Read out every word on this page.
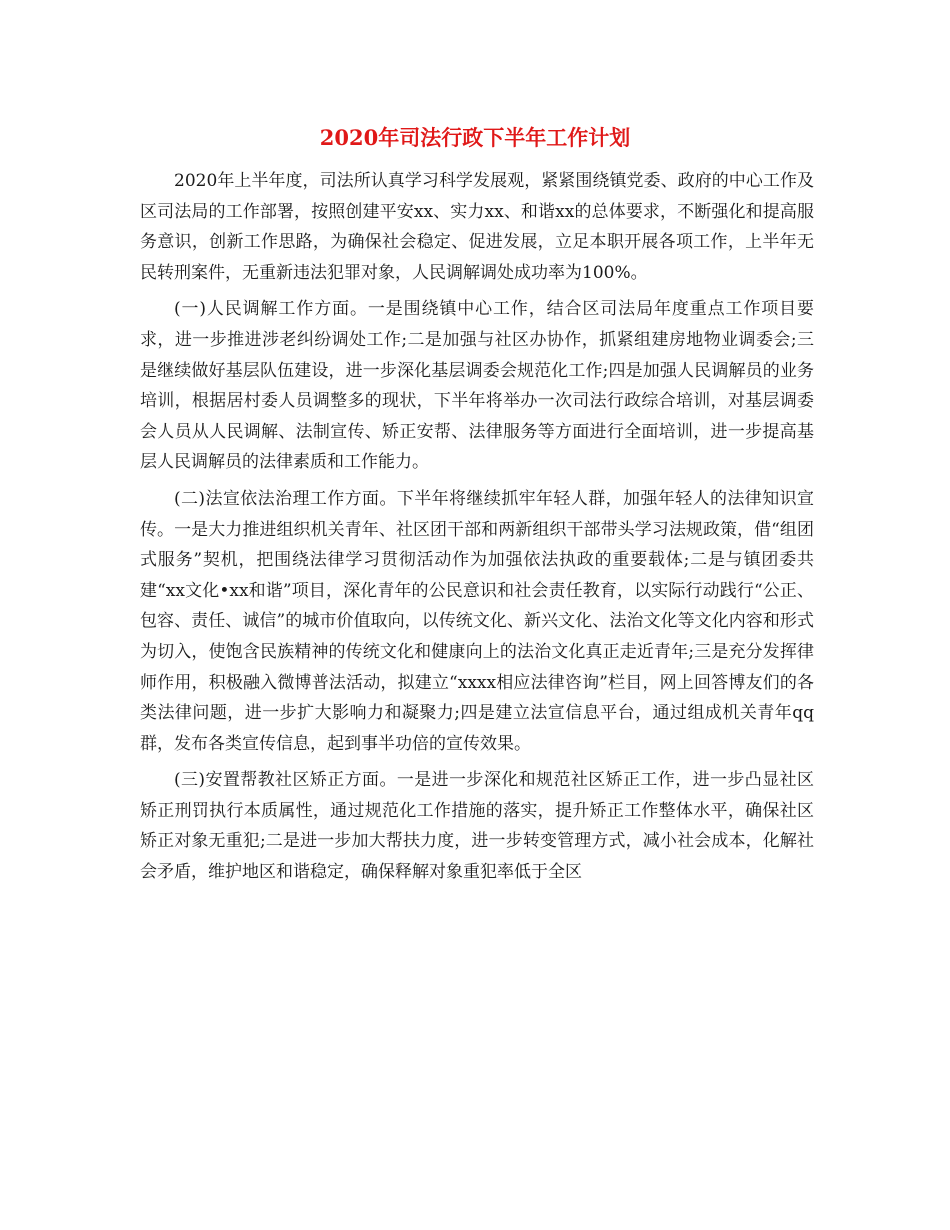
2020年司法行政下半年工作计划

2020年上半年度，司法所认真学习科学发展观，紧紧围绕镇党委、政府的中心工作及区司法局的工作部署，按照创建平安xx、实力xx、和谐xx的总体要求，不断强化和提高服务意识，创新工作思路，为确保社会稳定、促进发展，立足本职开展各项工作，上半年无民转刑案件，无重新违法犯罪对象，人民调解调处成功率为100%。

(一)人民调解工作方面。一是围绕镇中心工作，结合区司法局年度重点工作项目要求，进一步推进涉老纠纷调处工作;二是加强与社区办协作，抓紧组建房地物业调委会;三是继续做好基层队伍建设，进一步深化基层调委会规范化工作;四是加强人民调解员的业务培训，根据居村委人员调整多的现状，下半年将举办一次司法行政综合培训，对基层调委会人员从人民调解、法制宣传、矫正安帮、法律服务等方面进行全面培训，进一步提高基层人民调解员的法律素质和工作能力。

(二)法宣依法治理工作方面。下半年将继续抓牢年轻人群，加强年轻人的法律知识宣传。一是大力推进组织机关青年、社区团干部和两新组织干部带头学习法规政策，借“组团式服务”契机，把围绕法律学习贯彻活动作为加强依法执政的重要载体;二是与镇团委共建“xx文化•xx和谐”项目，深化青年的公民意识和社会责任教育，以实际行动践行“公正、包容、责任、诚信”的城市价值取向，以传统文化、新兴文化、法治文化等文化内容和形式为切入，使饱含民族精神的传统文化和健康向上的法治文化真正走近青年;三是充分发挥律师作用，积极融入微博普法活动，拟建立“xxxx相应法律咨询”栏目，网上回答博友们的各类法律问题，进一步扩大影响力和凝聚力;四是建立法宣信息平台，通过组成机关青年qq群，发布各类宣传信息，起到事半功倍的宣传效果。

(三)安置帮教社区矫正方面。一是进一步深化和规范社区矫正工作，进一步凸显社区矫正刑罚执行本质属性，通过规范化工作措施的落实，提升矫正工作整体水平，确保社区矫正对象无重犯;二是进一步加大帮扶力度，进一步转变管理方式，减小社会成本，化解社会矛盾，维护地区和谐稳定，确保释解对象重犯率低于全区
